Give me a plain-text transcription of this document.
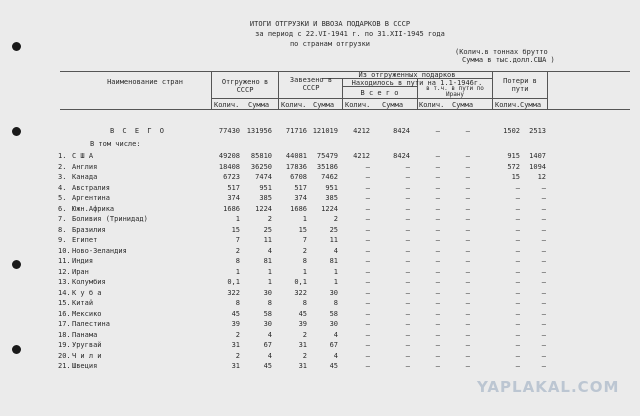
ИТОГИ ОТГРУЗКИ И ВВОЗА ПОДАРКОВ В СССР
за период с 22.VI-1941 г. по 31.XII-1945 года
по странам отгрузки
(Колич.в тоннах брутто
Сумма в тыс.долл.США )
Наименование стран	Отгружено в СССР
Завезено в СССР
Из отгруженных подарков
Находилось в пути на 1.1-1946г.
В с е г о
в т.ч. в пути по Ирану
Потери в пути
Колич. Сумма Колич. Сумма Колич. Сумма Колич. Сумма	Колич. Сумма
В С Е Г О	77430 131956	71716 121019	4212	8424	–	–	1502	2513
В том числе:
1. С Ш А	49208	85810	44081	75479	4212	8424	–	–	915	1407
2. Англия	18408	36250	17836	35186	–	–	–	–	572	1094
3. Канада	6723	7474	6708	7462	–	–	–	–	15	12
4. Австралия	517	951	517	951	–	–	–	–	–	–
5. Аргентина	374	385	374	385	–	–	–	–	–	–
6. Южн.Африка	1686	1224	1686	1224	–	–	–	–	–	–
7. Боливия (Тринидад)	1	2	1	2	–	–	–	–	–	–
8. Бразилия	15	25	15	25	–	–	–	–	–	–
9. Египет	7	11	7	11	–	–	–	–	–	–
10. Ново-Зеландия	2	4	2	4	–	–	–	–	–	–
11. Индия	8	81	8	81	–	–	–	–	–	–
12. Иран	1	1	1	1	–	–	–	–	–	–
13. Колумбия	0,1	1	0,1	1	–	–	–	–	–	–
14. К у б а	322	30	322	30	–	–	–	–	–	–
15. Китай	8	8	8	8	–	–	–	–	–	–
16. Мексико	45	58	45	58	–	–	–	–	–	–
17. Палестина	39	30	39	30	–	–	–	–	–	–
18. Панама	2	4	2	4	–	–	–	–	–	–
19. Уругвай	31	67	31	67	–	–	–	–	–	–
20. Ч и л и	2	4	2	4	–	–	–	–	–	–
21. Швеция	31	45	31	45	–	–	–	–	–	–
YAPLAKAL.COM
